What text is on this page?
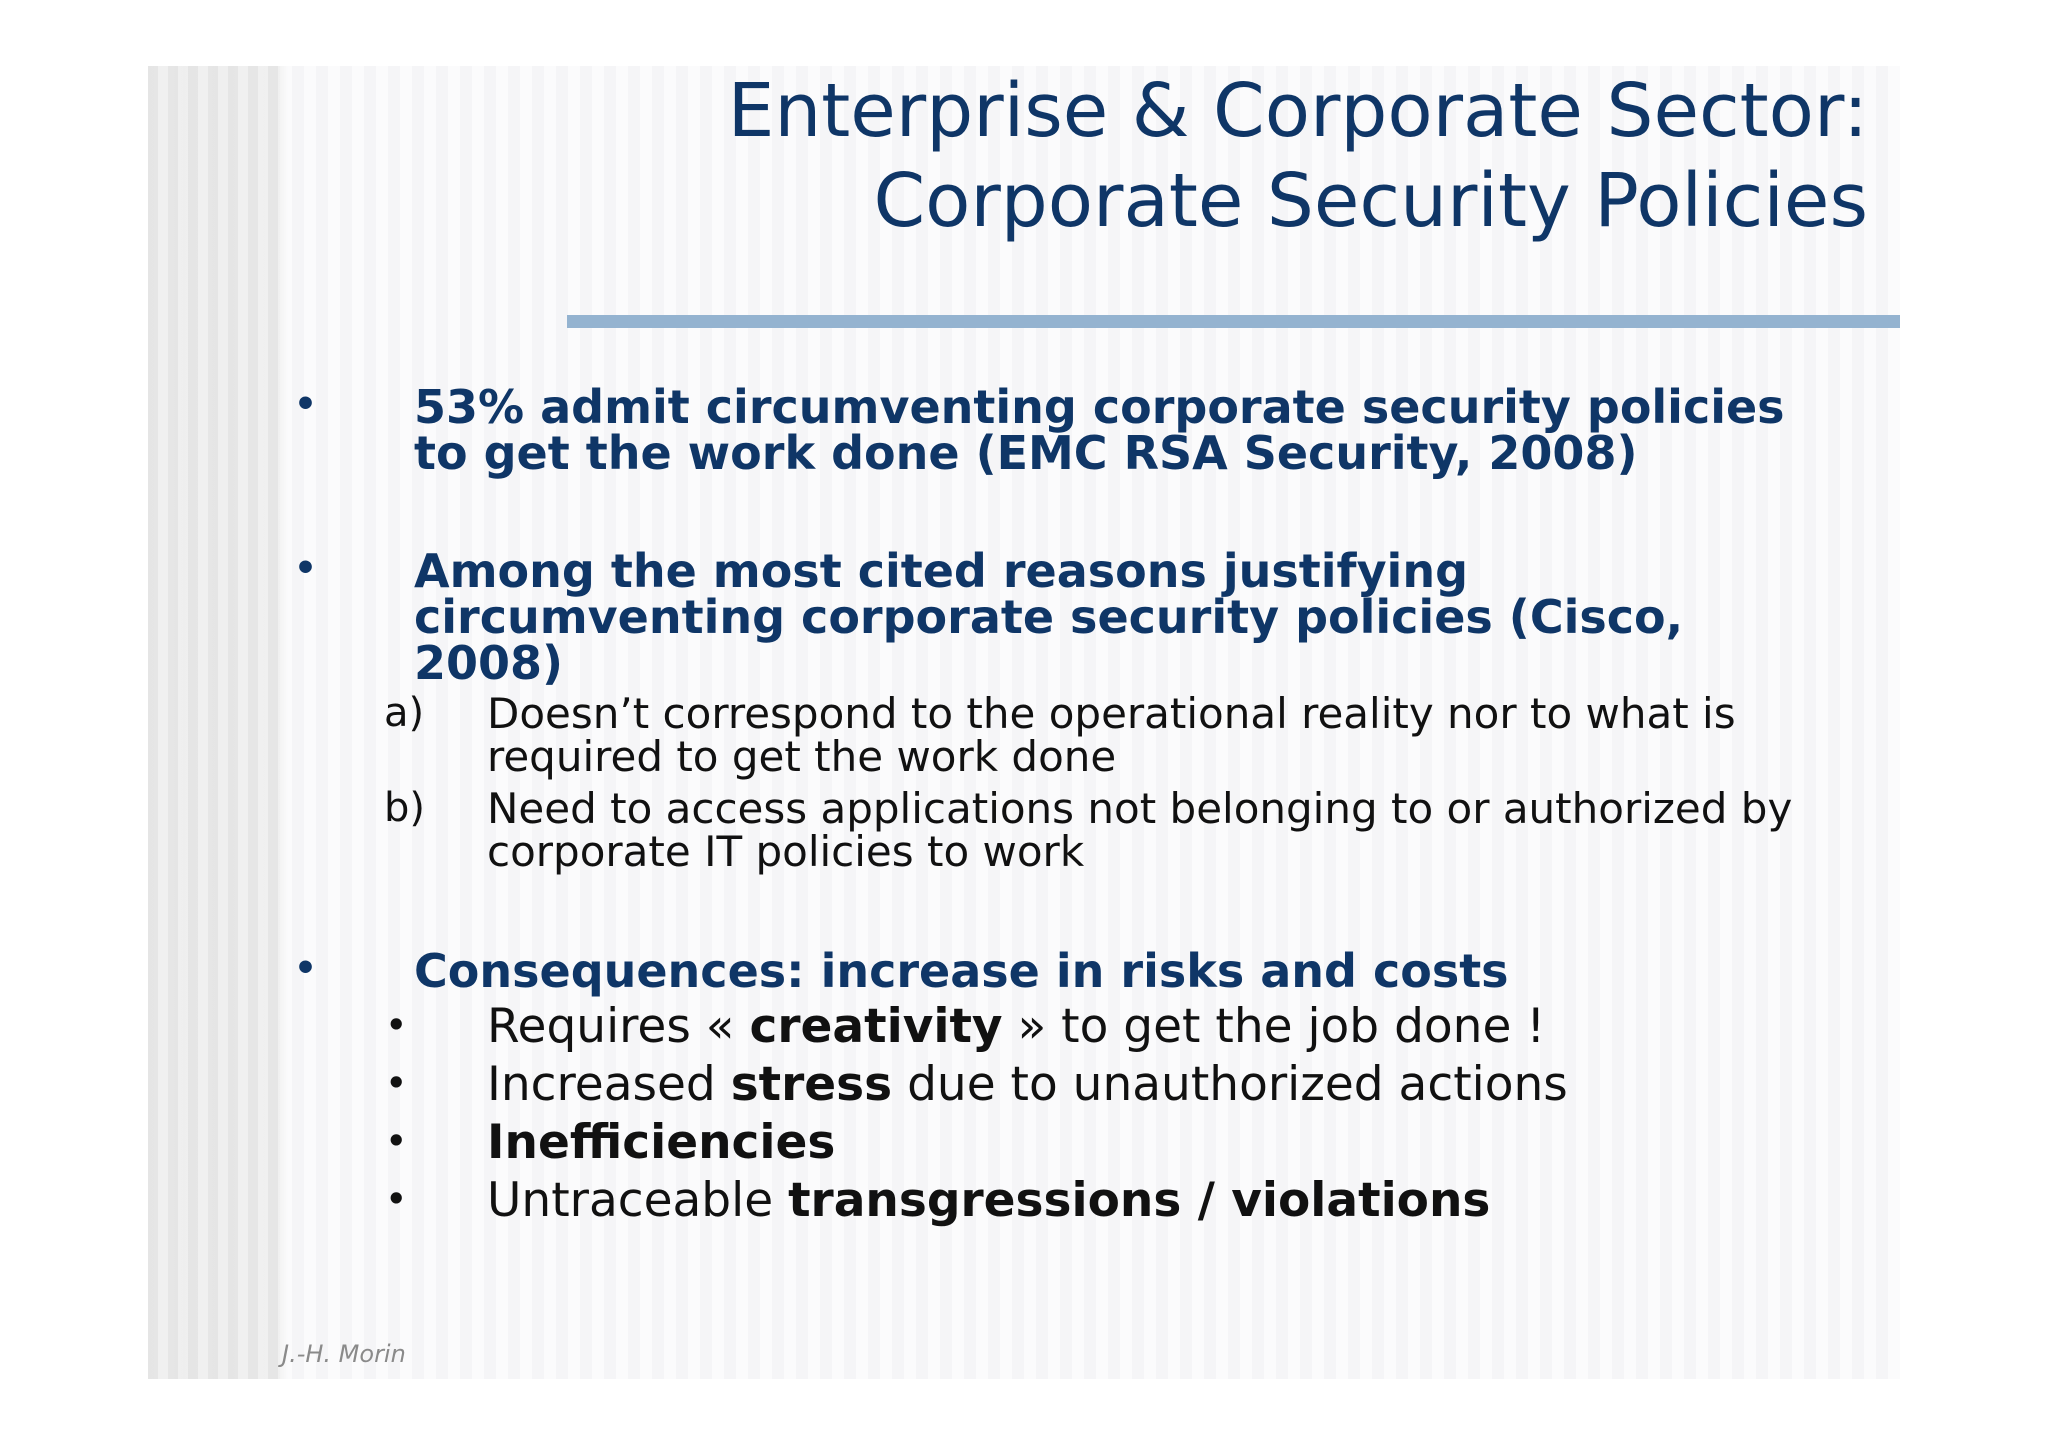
Enterprise & Corporate Sector:
Corporate Security Policies
• 53% admit circumventing corporate security policies
to get the work done (EMC RSA Security, 2008)
• Among the most cited reasons justifying
circumventing corporate security policies (Cisco,
2008)
a) Doesn’t correspond to the operational reality nor to what is
required to get the work done
b) Need to access applications not belonging to or authorized by
corporate IT policies to work
• Consequences: increase in risks and costs
• Requires « creativity » to get the job done !
• Increased stress due to unauthorized actions
• Inefficiencies
• Untraceable transgressions / violations
J.-H. Morin
